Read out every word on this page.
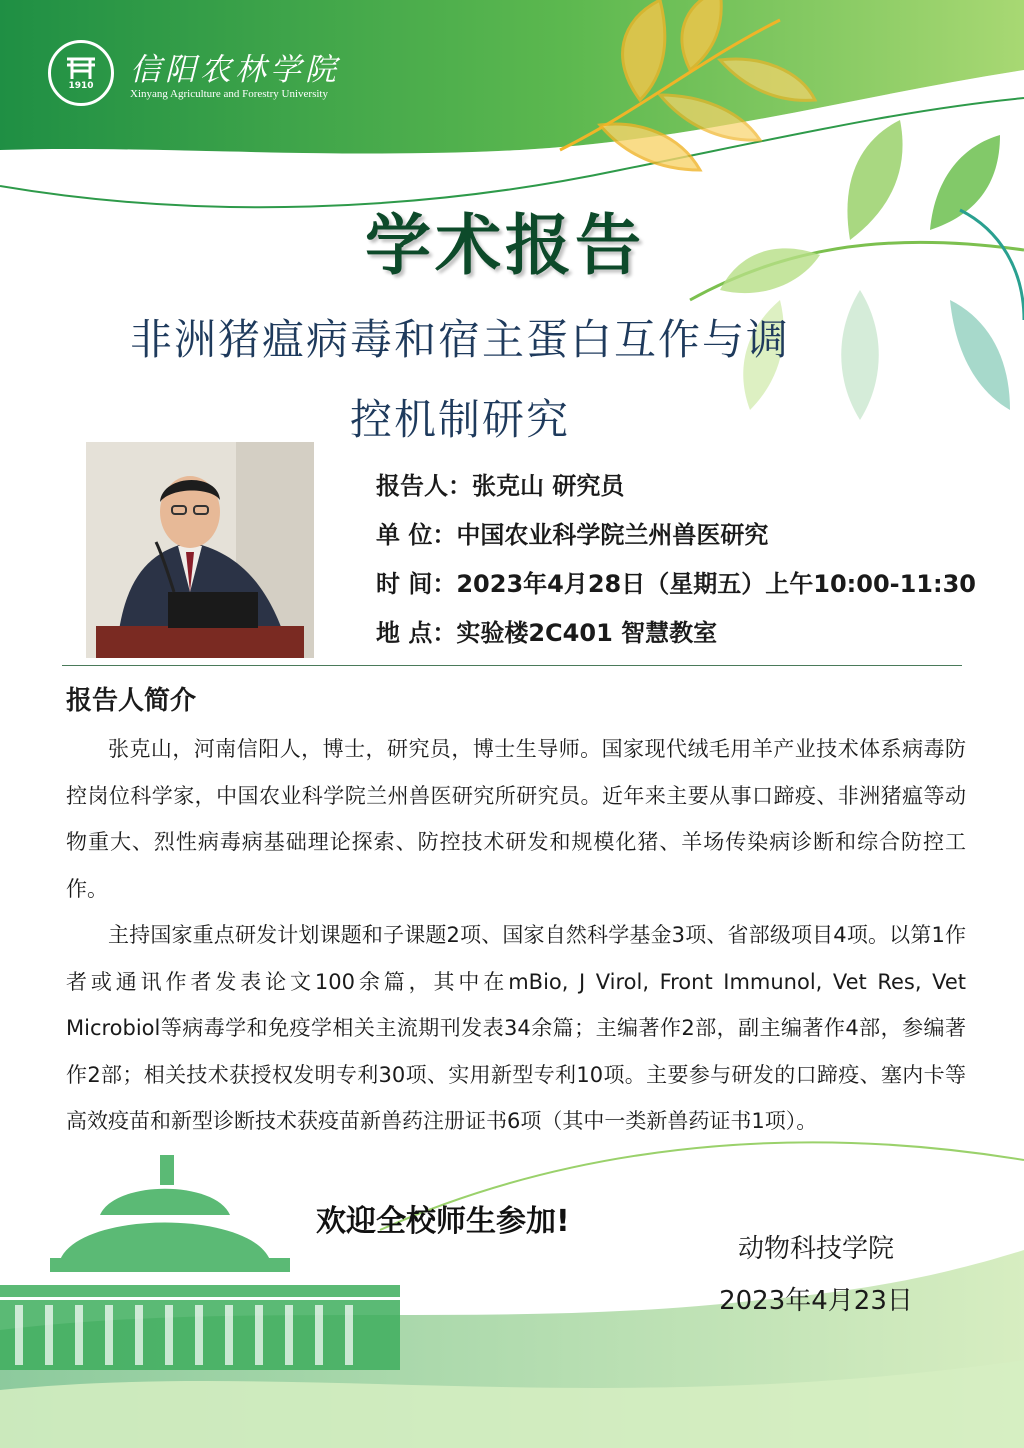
1910 信阳农林学院
Xinyang Agriculture and Forestry University
学术报告
非洲猪瘟病毒和宿主蛋白互作与调
控机制研究
报告人：张克山 研究员
单 位：中国农业科学院兰州兽医研究
时 间：2023年4月28日（星期五）上午10:00-11:30
地 点：实验楼2C401 智慧教室
报告人简介

张克山，河南信阳人，博士，研究员，博士生导师。国家现代绒毛用羊产业技术体系病毒防控岗位科学家，中国农业科学院兰州兽医研究所研究员。近年来主要从事口蹄疫、非洲猪瘟等动物重大、烈性病毒病基础理论探索、防控技术研发和规模化猪、羊场传染病诊断和综合防控工作。

主持国家重点研发计划课题和子课题2项、国家自然科学基金3项、省部级项目4项。以第1作者或通讯作者发表论文100余篇，其中在mBio, J Virol, Front Immunol, Vet Res, Vet Microbiol等病毒学和免疫学相关主流期刊发表34余篇；主编著作2部，副主编著作4部，参编著作2部；相关技术获授权发明专利30项、实用新型专利10项。主要参与研发的口蹄疫、塞内卡等高效疫苗和新型诊断技术获疫苗新兽药注册证书6项（其中一类新兽药证书1项）。

欢迎全校师生参加!
动物科技学院
2023年4月23日
